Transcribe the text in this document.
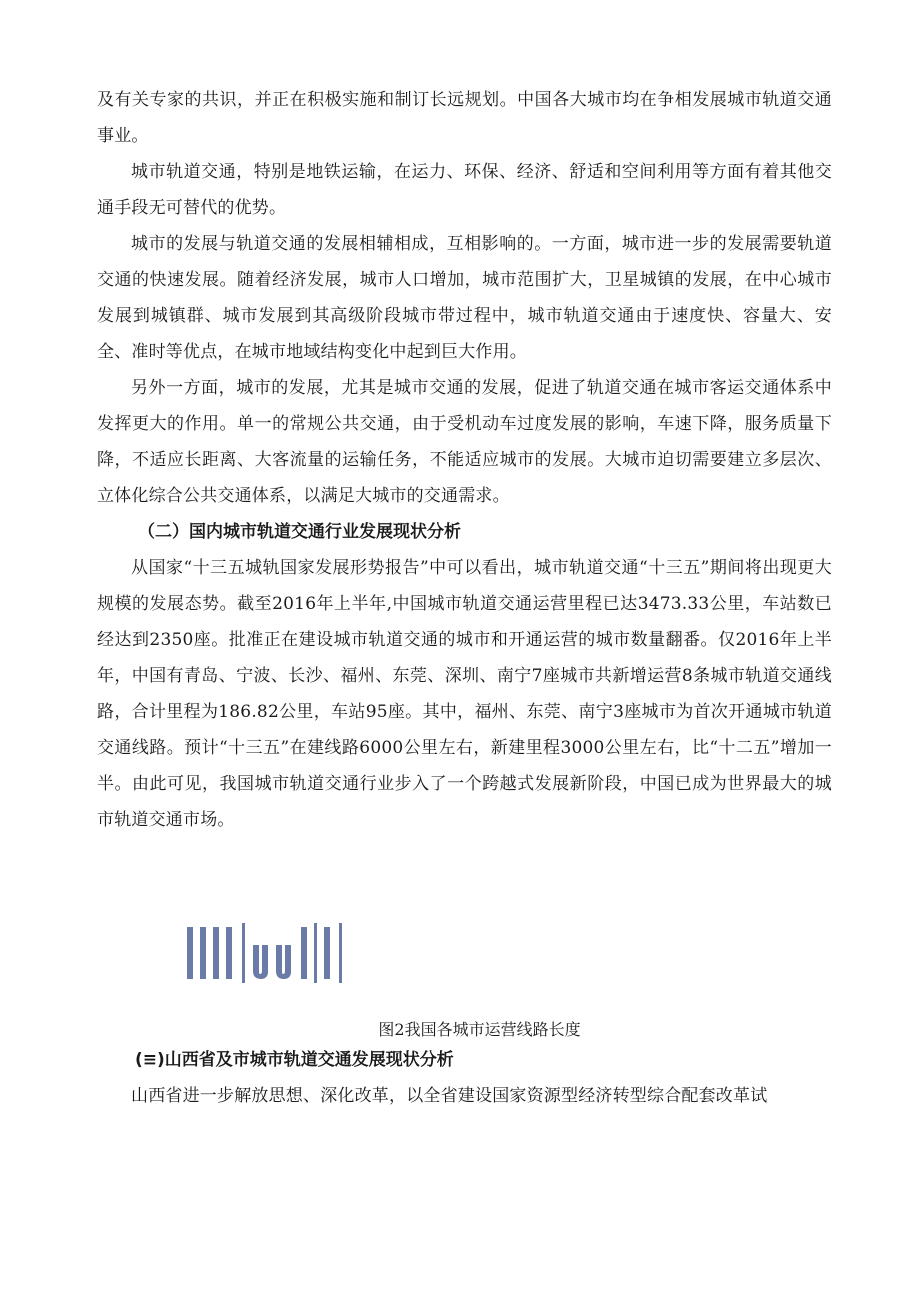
及有关专家的共识，并正在积极实施和制订长远规划。中国各大城市均在争相发展城市轨道交通事业。

城市轨道交通，特别是地铁运输，在运力、环保、经济、舒适和空间利用等方面有着其他交通手段无可替代的优势。

城市的发展与轨道交通的发展相辅相成，互相影响的。一方面，城市进一步的发展需要轨道交通的快速发展。随着经济发展，城市人口增加，城市范围扩大，卫星城镇的发展，在中心城市发展到城镇群、城市发展到其高级阶段城市带过程中，城市轨道交通由于速度快、容量大、安全、准时等优点，在城市地域结构变化中起到巨大作用。

另外一方面，城市的发展，尤其是城市交通的发展，促进了轨道交通在城市客运交通体系中发挥更大的作用。单一的常规公共交通，由于受机动车过度发展的影响，车速下降，服务质量下降，不适应长距离、大客流量的运输任务，不能适应城市的发展。大城市迫切需要建立多层次、立体化综合公共交通体系，以满足大城市的交通需求。

（二）国内城市轨道交通行业发展现状分析

从国家“十三五城轨国家发展形势报告”中可以看出，城市轨道交通“十三五”期间将出现更大规模的发展态势。截至2016年上半年,中国城市轨道交通运营里程已达3473.33公里，车站数已经达到2350座。批准正在建设城市轨道交通的城市和开通运营的城市数量翻番。仅2016年上半年，中国有青岛、宁波、长沙、福州、东莞、深圳、南宁7座城市共新增运营8条城市轨道交通线路，合计里程为186.82公里，车站95座。其中，福州、东莞、南宁3座城市为首次开通城市轨道交通线路。预计“十三五”在建线路6000公里左右，新建里程3000公里左右，比“十二五”增加一半。由此可见，我国城市轨道交通行业步入了一个跨越式发展新阶段，中国已成为世界最大的城市轨道交通市场。

图2我国各城市运营线路长度

(≡)山西省及市城市轨道交通发展现状分析

山西省进一步解放思想、深化改革，以全省建设国家资源型经济转型综合配套改革试
